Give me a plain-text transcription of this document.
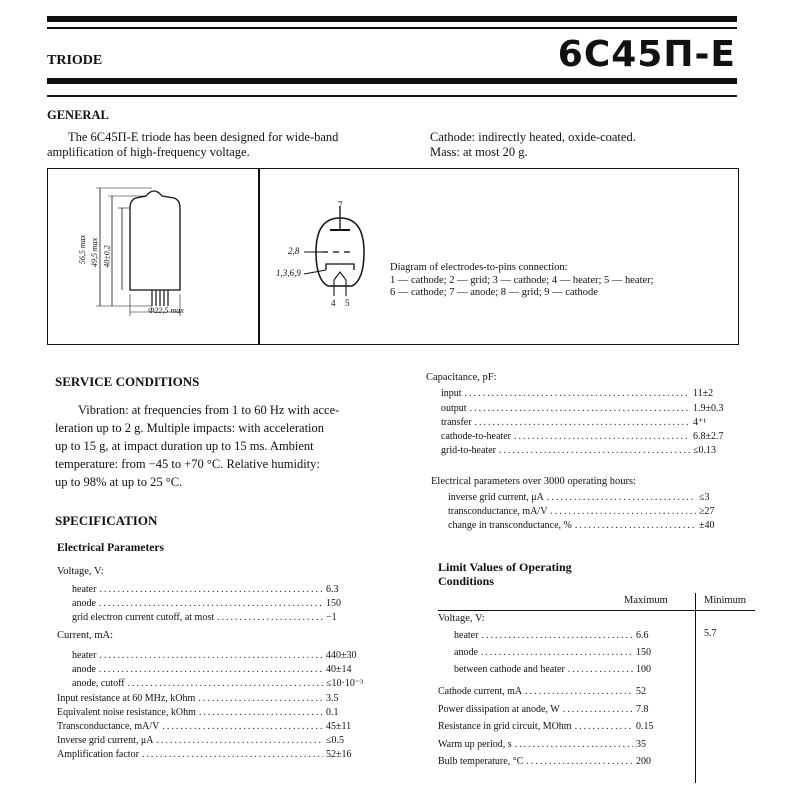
TRIODE	6С45П-Е
GENERAL
The 6С45П-Е triode has been designed for wide-band
amplification of high-frequency voltage.
Cathode: indirectly heated, oxide-coated.
Mass: at most 20 g.
56,5 max 49,5 max 40±0,2
Ф22,5 max
7
2,8
1,3,6,9
4 5
Diagram of electrodes-to-pins connection:
1 — cathode; 2 — grid; 3 — cathode; 4 — heater; 5 — heater;
6 — cathode; 7 — anode; 8 — grid; 9 — cathode
SERVICE CONDITIONS
Vibration: at frequencies from 1 to 60 Hz with acce-
leration up to 2 g. Multiple impacts: with acceleration
up to 15 g, at impact duration up to 15 ms. Ambient
temperature: from −45 to +70 °C. Relative humidity:
up to 98% at up to 25 °C.
SPECIFICATION
Electrical Parameters
Voltage, V:
heater .....	6.3
anode .....	150
grid electron current cutoff, at most .....	−1
Current, mA:
heater .....	440±30
anode .....	40±14
anode, cutoff .....	≤10·10⁻³
Input resistance at 60 MHz, kOhm .....	3.5
Equivalent noise resistance, kOhm .....	0.1
Transconductance, mA/V .....	45±11
Inverse grid current, μA .....	≤0.5
Amplification factor .....	52±16
Capacitance, pF:
input .....	11±2
output .....	1.9±0.3
transfer .....	4⁺¹
cathode-to-heater .....	6.8±2.7
grid-to-heater .....	≤0.13
Electrical parameters over 3000 operating hours:
inverse grid current, μA .....	≤3
transconductance, mA/V .....	≥27
change in transconductance, % .....	±40
Limit Values of Operating
Conditions
Maximum	Minimum
Voltage, V:
heater .....	6.6	5.7
anode .....	150
between cathode and heater .....	100
Cathode current, mA .....	52
Power dissipation at anode, W .....	7.8
Resistance in grid circuit, MOhm .....	0.15
Warm up period, s .....	35
Bulb temperature, °C .....	200
